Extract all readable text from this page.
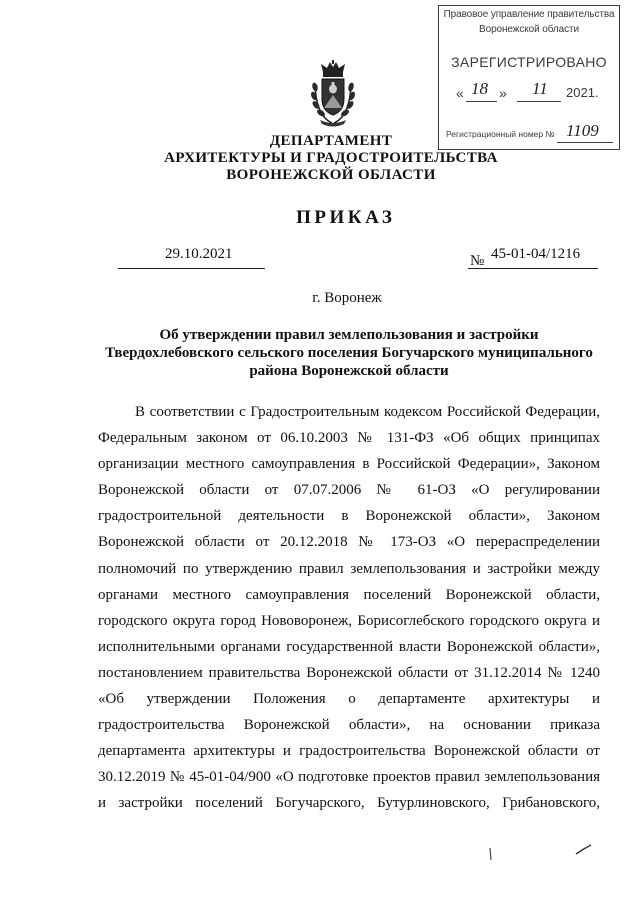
Правовое управление правительства
Воронежской области
ЗАРЕГИСТРИРОВАНО
« 18 » 11 2021.
Регистрационный номер № 1109
ДЕПАРТАМЕНТ
АРХИТЕКТУРЫ И ГРАДОСТРОИТЕЛЬСТВА
ВОРОНЕЖСКОЙ ОБЛАСТИ
ПРИКАЗ
29.10.2021	№ 45-01-04/1216
г. Воронеж
Об утверждении правил землепользования и застройки
Твердохлебовского сельского поселения Богучарского муниципального
района Воронежской области
В соответствии с Градостроительным кодексом Российской Федерации,
Федеральным законом от 06.10.2003 № 131-ФЗ «Об общих принципах
организации местного самоуправления в Российской Федерации», Законом
Воронежской области от 07.07.2006 № 61-ОЗ «О регулировании
градостроительной деятельности в Воронежской области», Законом
Воронежской области от 20.12.2018 № 173-ОЗ «О перераспределении
полномочий по утверждению правил землепользования и застройки между
органами местного самоуправления поселений Воронежской области,
городского округа город Нововоронеж, Борисоглебского городского округа и
исполнительными органами государственной власти Воронежской области»,
постановлением правительства Воронежской области от 31.12.2014 № 1240
«Об утверждении Положения о департаменте архитектуры и
градостроительства Воронежской области», на основании приказа
департамента архитектуры и градостроительства Воронежской области от
30.12.2019 № 45-01-04/900 «О подготовке проектов правил землепользования
и застройки поселений Богучарского, Бутурлиновского, Грибановского,
